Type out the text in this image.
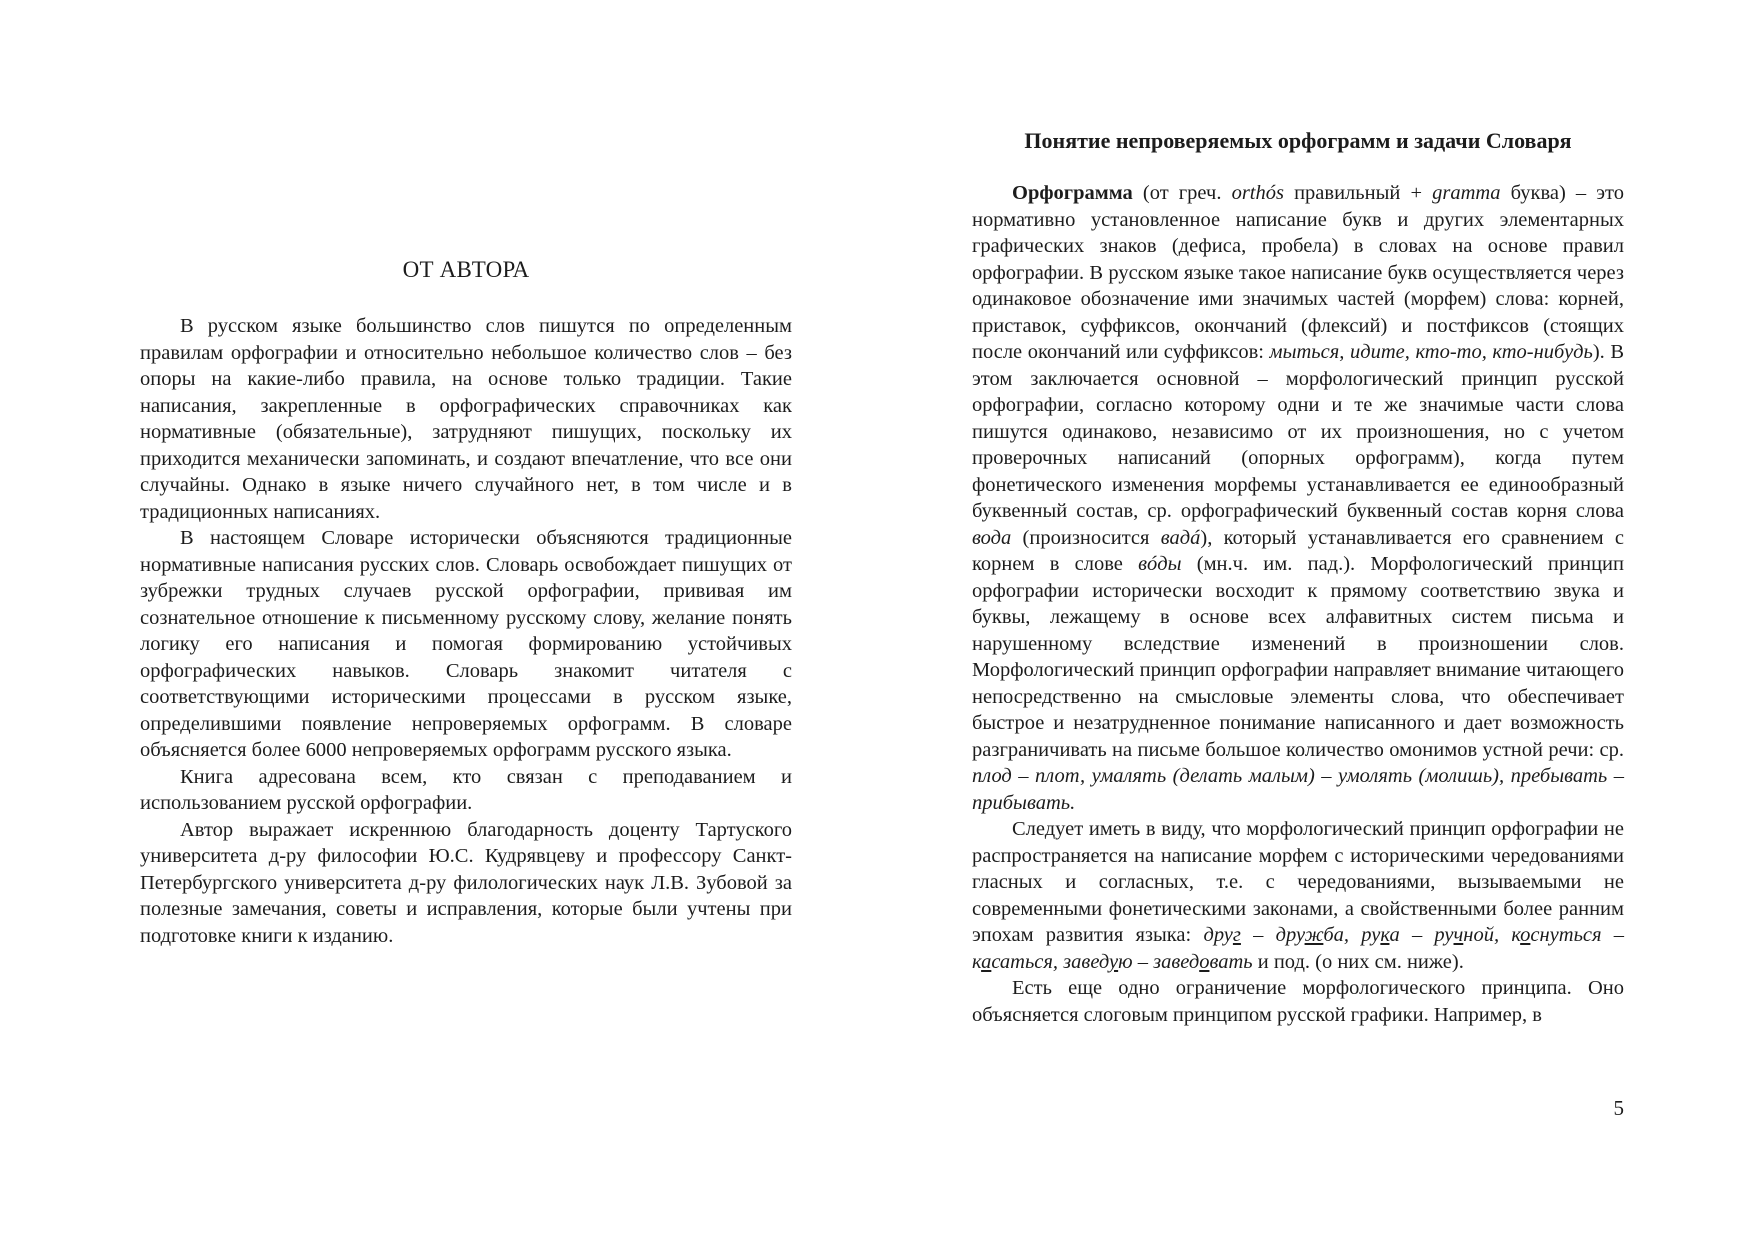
ОТ АВТОРА

В русском языке большинство слов пишутся по определенным правилам орфографии и относительно небольшое количество слов – без опоры на какие-либо правила, на основе только традиции. Такие написания, закрепленные в орфографических справочниках как нормативные (обязательные), затрудняют пишущих, поскольку их приходится механически запоминать, и создают впечатление, что все они случайны. Однако в языке ничего случайного нет, в том числе и в традиционных написаниях.

В настоящем Словаре исторически объясняются традиционные нормативные написания русских слов. Словарь освобождает пишущих от зубрежки трудных случаев русской орфографии, прививая им сознательное отношение к письменному русскому слову, желание понять логику его написания и помогая формированию устойчивых орфографических навыков. Словарь знакомит читателя с соответствующими историческими процессами в русском языке, определившими появление непроверяемых орфограмм. В словаре объясняется более 6000 непроверяемых орфограмм русского языка.

Книга адресована всем, кто связан с преподаванием и использованием русской орфографии.

Автор выражает искреннюю благодарность доценту Тартуского университета д-ру философии Ю.С. Кудрявцеву и профессору Санкт-Петербургского университета д-ру филологических наук Л.В. Зубовой за полезные замечания, советы и исправления, которые были учтены при подготовке книги к изданию.

Понятие непроверяемых орфограмм и задачи Словаря

Орфограмма (от греч. orthós правильный + gramma буква) – это нормативно установленное написание букв и других элементарных графических знаков (дефиса, пробела) в словах на основе правил орфографии. В русском языке такое написание букв осуществляется через одинаковое обозначение ими значимых частей (морфем) слова: корней, приставок, суффиксов, окончаний (флексий) и постфиксов (стоящих после окончаний или суффиксов: мыться, идите, кто-то, кто-нибудь). В этом заключается основной – морфологический принцип русской орфографии, согласно которому одни и те же значимые части слова пишутся одинаково, независимо от их произношения, но с учетом проверочных написаний (опорных орфограмм), когда путем фонетического изменения морфемы устанавливается ее единообразный буквенный состав, ср. орфографический буквенный состав корня слова вода (произносится вадá), который устанавливается его сравнением с корнем в слове вóды (мн.ч. им. пад.). Морфологический принцип орфографии исторически восходит к прямому соответствию звука и буквы, лежащему в основе всех алфавитных систем письма и нарушенному вследствие изменений в произношении слов. Морфологический принцип орфографии направляет внимание читающего непосредственно на смысловые элементы слова, что обеспечивает быстрое и незатрудненное понимание написанного и дает возможность разграничивать на письме большое количество омонимов устной речи: ср. плод – плот, умалять (делать малым) – умолять (молишь), пребывать – прибывать.

Следует иметь в виду, что морфологический принцип орфографии не распространяется на написание морфем с историческими чередованиями гласных и согласных, т.е. с чередованиями, вызываемыми не современными фонетическими законами, а свойственными более ранним эпохам развития языка: друг – дружба, рука – ручной, коснуться – касаться, заведую – заведовать и под. (о них см. ниже).

Есть еще одно ограничение морфологического принципа. Оно объясняется слоговым принципом русской графики. Например, в

5
